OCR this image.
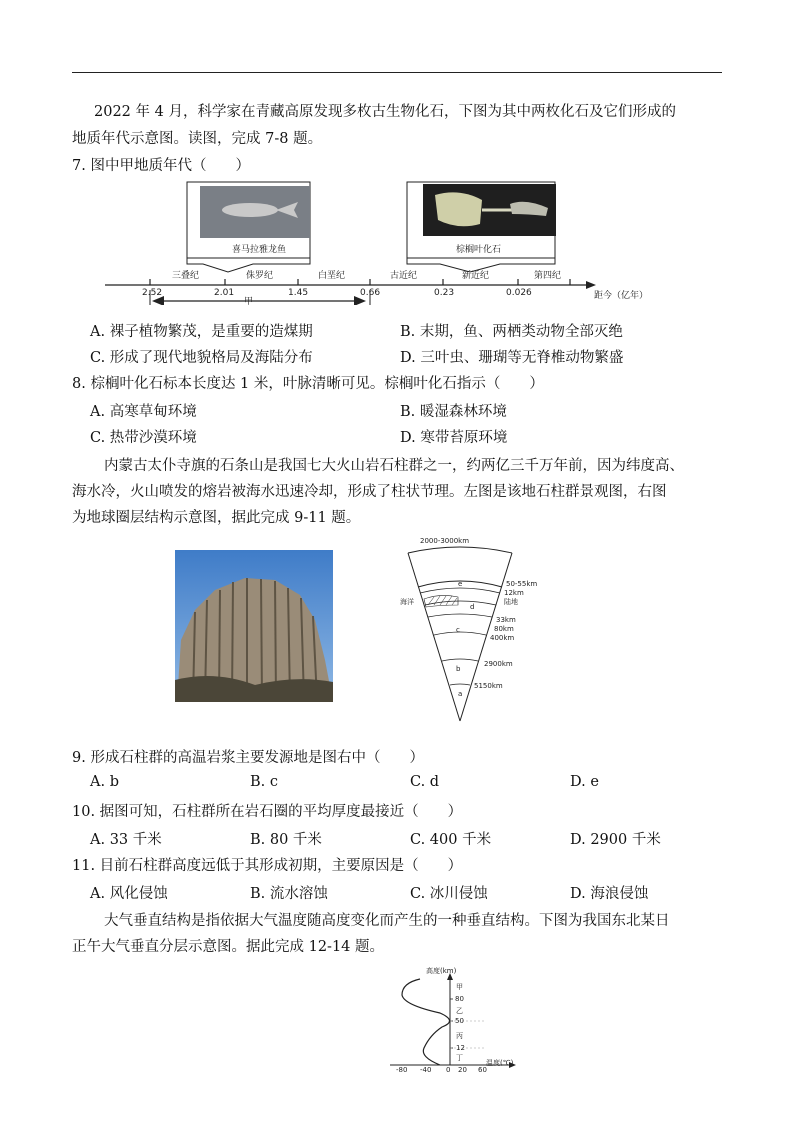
2022 年 4 月，科学家在青藏高原发现多枚古生物化石，下图为其中两枚化石及它们形成的
地质年代示意图。读图，完成 7-8 题。
7. 图中甲地质年代（　　）
喜马拉雅龙鱼	棕榈叶化石
三叠纪	侏罗纪	白垩纪	古近纪	新近纪	第四纪
2.52	2.01	1.45	0.66	0.23	0.026	距今（亿年）
甲
A. 裸子植物繁茂，是重要的造煤期	B. 末期，鱼、两栖类动物全部灭绝
C. 形成了现代地貌格局及海陆分布	D. 三叶虫、珊瑚等无脊椎动物繁盛
8. 棕榈叶化石标本长度达 1 米，叶脉清晰可见。棕榈叶化石指示（　　）
A. 高寒草甸环境	B. 暖湿森林环境
C. 热带沙漠环境	D. 寒带苔原环境
内蒙古太仆寺旗的石条山是我国七大火山岩石柱群之一，约两亿三千万年前，因为纬度高、
海水冷，火山喷发的熔岩被海水迅速冷却，形成了柱状节理。左图是该地石柱群景观图，右图
为地球圈层结构示意图，据此完成 9-11 题。
2000-3000km
e
d
c
b
a
海洋	陆地
50-55km
12km
33km
80km
400km
2900km
5150km
9. 形成石柱群的高温岩浆主要发源地是图右中（　　）
A. b	B. c	C. d	D. e
10. 据图可知，石柱群所在岩石圈的平均厚度最接近（　　）
A. 33 千米	B. 80 千米	C. 400 千米	D. 2900 千米
11. 目前石柱群高度远低于其形成初期，主要原因是（　　）
A. 风化侵蚀	B. 流水溶蚀	C. 冰川侵蚀	D. 海浪侵蚀
大气垂直结构是指依据大气温度随高度变化而产生的一种垂直结构。下图为我国东北某日
正午大气垂直分层示意图。据此完成 12-14 题。
高度(km)
温度(℃)
80
50
12
-80 -40 0 20 60
甲
乙
丙
丁
